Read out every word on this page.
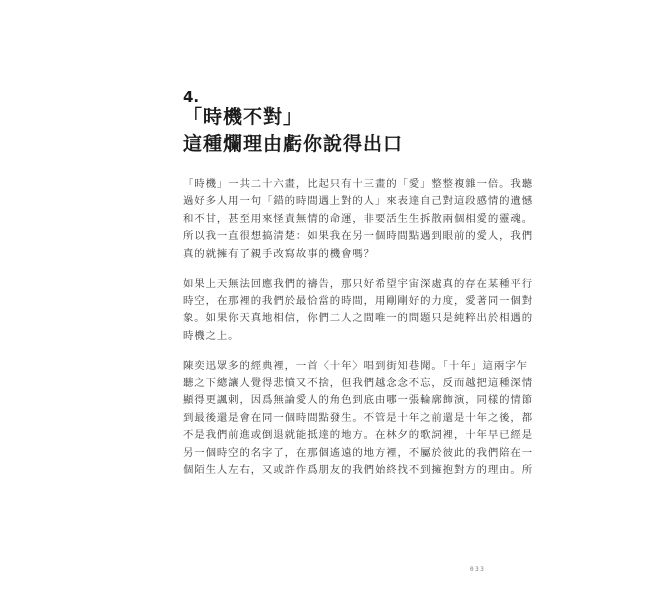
4.
「時機不對」
這種爛理由虧你說得出口

「時機」一共二十六畫，比起只有十三畫的「愛」整整複雜一倍。我聽
過好多人用一句「錯的時間遇上對的人」來表達自己對這段感情的遺憾
和不甘，甚至用來怪責無情的命運，非要活生生拆散兩個相愛的靈魂。
所以我一直很想搞清楚：如果我在另一個時間點遇到眼前的愛人，我們
真的就擁有了親手改寫故事的機會嗎？

如果上天無法回應我們的禱告，那只好希望宇宙深處真的存在某種平行
時空，在那裡的我們於最恰當的時間，用剛剛好的力度，愛著同一個對
象。如果你天真地相信，你們二人之間唯一的問題只是純粹出於相遇的
時機之上。

陳奕迅眾多的經典裡，一首〈十年〉唱到街知巷聞。「十年」這兩字乍
聽之下總讓人覺得悲憤又不捨，但我們越念念不忘，反而越把這種深情
顯得更諷刺，因爲無論愛人的角色到底由哪一張輪廓飾演，同樣的情節
到最後還是會在同一個時間點發生。不管是十年之前還是十年之後，都
不是我們前進或倒退就能抵達的地方。在林夕的歌詞裡，十年早已經是
另一個時空的名字了，在那個遙遠的地方裡，不屬於彼此的我們陪在一
個陌生人左右，又或許作爲朋友的我們始終找不到擁抱對方的理由。所

033
